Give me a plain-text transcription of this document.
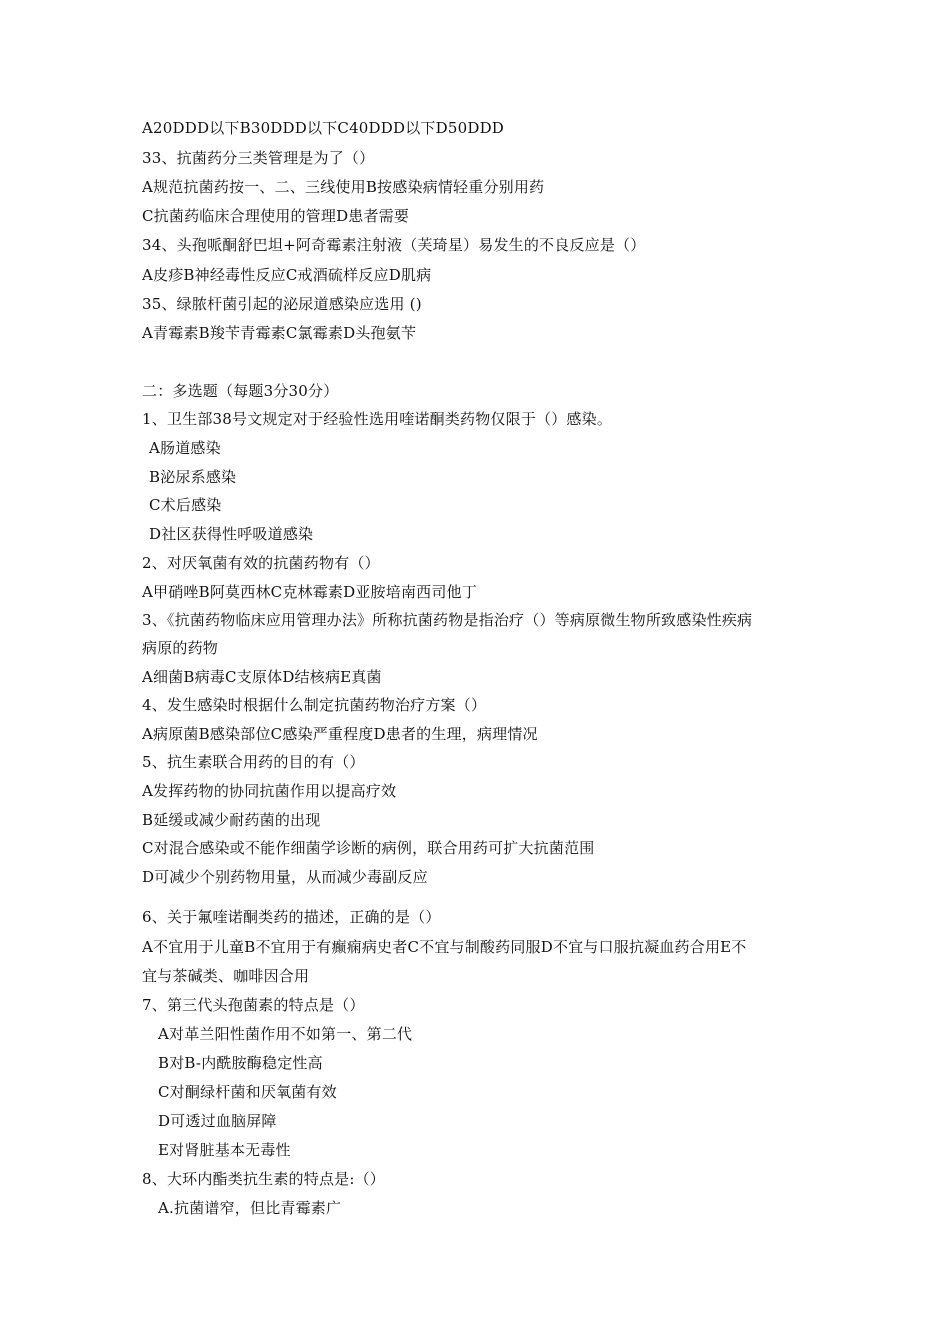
A20DDD以下B30DDD以下C40DDD以下D50DDD
33、抗菌药分三类管理是为了（）
A规范抗菌药按一、二、三线使用B按感染病情轻重分别用药
C抗菌药临床合理使用的管理D患者需要
34、头孢哌酮舒巴坦+阿奇霉素注射液（芙琦星）易发生的不良反应是（）
A皮疹B神经毒性反应C戒酒硫样反应D肌病
35、绿脓杆菌引起的泌尿道感染应选用 ()
A青霉素B羧苄青霉素C氯霉素D头孢氨苄
二：多选题（每题3分30分）
1、卫生部38号文规定对于经验性选用喹诺酮类药物仅限于（）感染。
A肠道感染
B泌尿系感染
C术后感染
D社区获得性呼吸道感染
2、对厌氧菌有效的抗菌药物有（）
A甲硝唑B阿莫西林C克林霉素D亚胺培南西司他丁
3、《抗菌药物临床应用管理办法》所称抗菌药物是指治疗（）等病原微生物所致感染性疾病
病原的药物
A细菌B病毒C支原体D结核病E真菌
4、发生感染时根据什么制定抗菌药物治疗方案（）
A病原菌B感染部位C感染严重程度D患者的生理，病理情况
5、抗生素联合用药的目的有（）
A发挥药物的协同抗菌作用以提高疗效
B延缓或减少耐药菌的出现
C对混合感染或不能作细菌学诊断的病例，联合用药可扩大抗菌范围
D可减少个别药物用量，从而减少毒副反应
6、关于氟喹诺酮类药的描述，正确的是（）
A不宜用于儿童B不宜用于有癫痫病史者C不宜与制酸药同服D不宜与口服抗凝血药合用E不
宜与茶碱类、咖啡因合用
7、第三代头孢菌素的特点是（）
A对革兰阳性菌作用不如第一、第二代
B对B-内酰胺酶稳定性高
C对酮绿杆菌和厌氧菌有效
D可透过血脑屏障
E对肾脏基本无毒性
8、大环内酯类抗生素的特点是:（）
A.抗菌谱窄，但比青霉素广
